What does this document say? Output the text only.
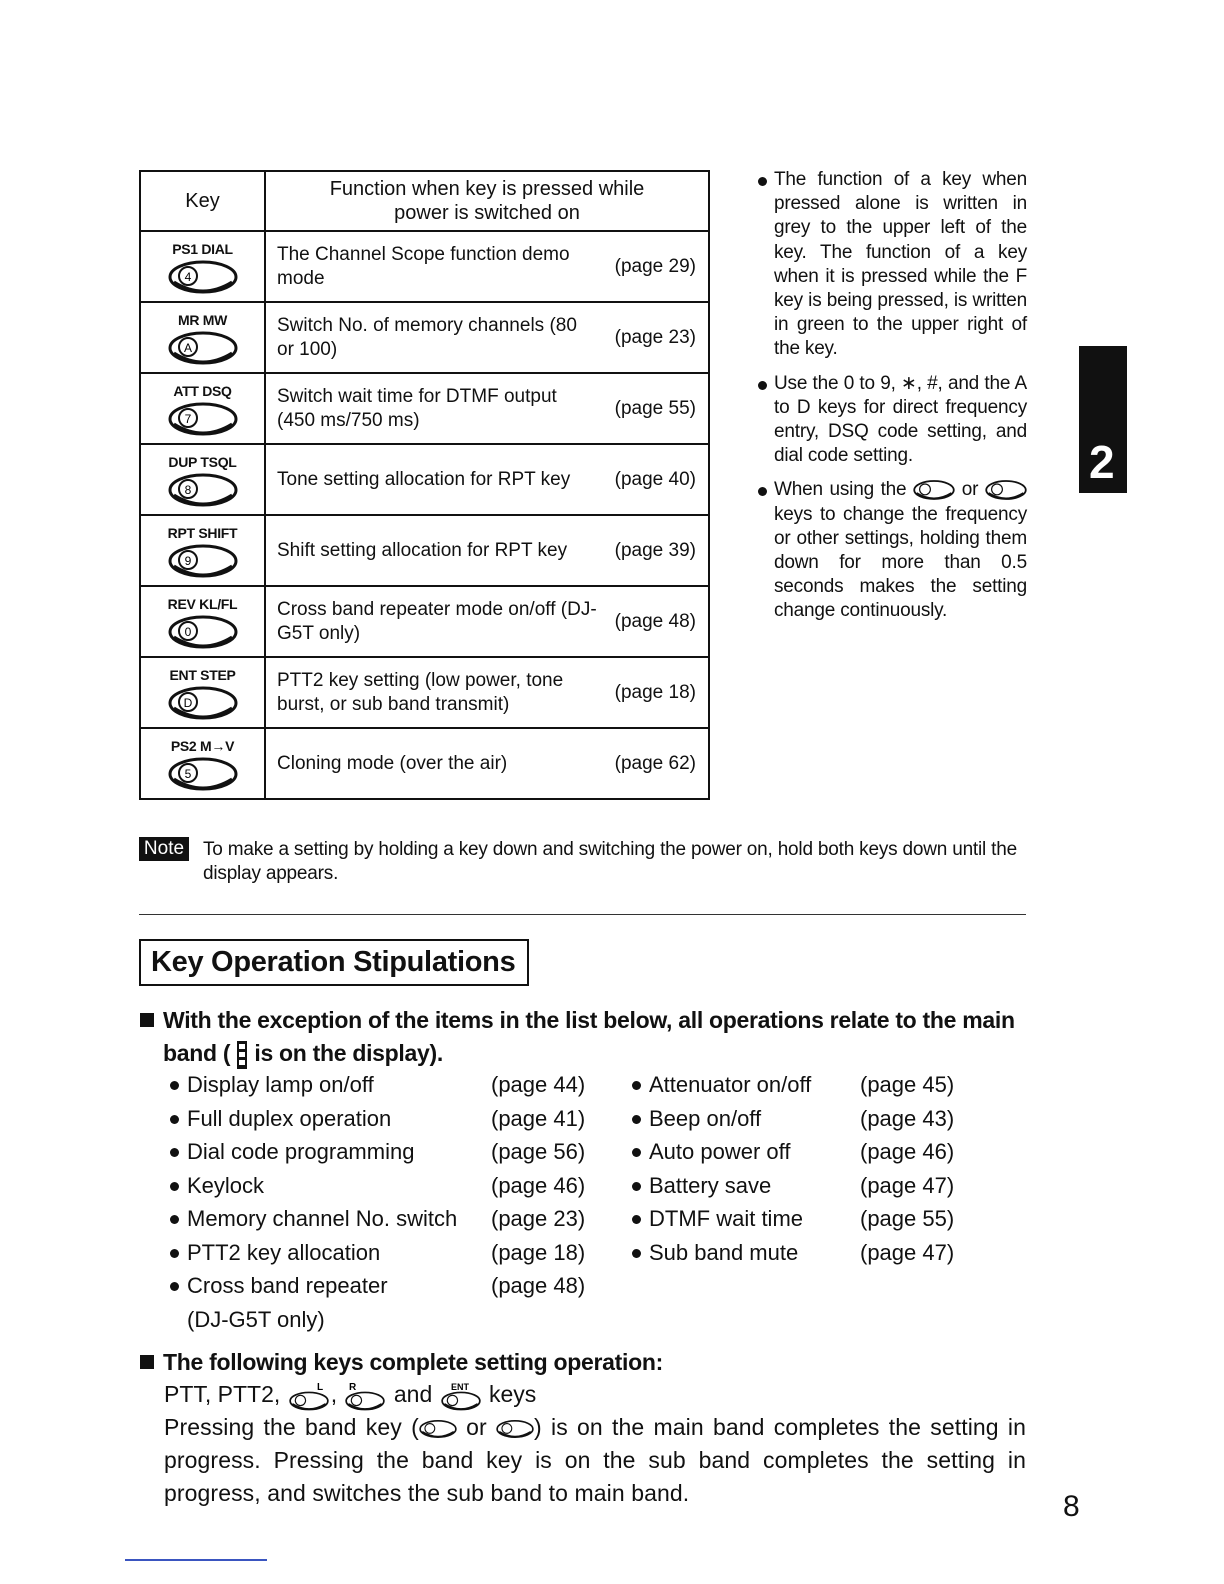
Key	Function when key is pressed while power is switched on

PS1 DIAL
4	The Channel Scope function demo mode
(page 29)

MR MW
A	Switch No. of memory channels (80 or 100)
(page 23)

ATT DSQ
7	Switch wait time for DTMF output (450 ms/750 ms)
(page 55)

DUP TSQL
8	Tone setting allocation for RPT key (page 40)

RPT SHIFT
9	Shift setting allocation for RPT key (page 39)

REV KL/FL
0	Cross band repeater mode on/off (DJ-G5T only)
(page 48)

ENT STEP
D	PTT2 key setting (low power, tone burst, or sub band transmit)
(page 18)

PS2 M→V
5	Cloning mode (over the air) (page 62)

The function of a key when pressed alone is written in grey to the upper left of the key. The function of a key when it is pressed while the F key is being pressed, is written in green to the upper right of the key.

Use the 0 to 9, ∗, #, and the A to D keys for direct frequency entry, DSQ code setting, and dial code setting.

When using the	or  keys to change the frequency or other settings, holding them down for more than 0.5 seconds makes the setting change continuously.

2
Note To make a setting by holding a key down and switching the power on, hold both keys down until the display appears.
Key Operation Stipulations
With the exception of the items in the list below, all operations relate to the main
band ( is on the display).
Display lamp on/off	(page 44)
Full duplex operation	(page 41)
Dial code programming	(page 56)
Keylock	(page 46)
Memory channel No. switch (page 23)
PTT2 key allocation	(page 18)
Cross band repeater	(page 48)
(DJ-G5T only)
Attenuator on/off (page 45)
Beep on/off	(page 43)
Auto power off	(page 46)
Battery save	(page 47)
DTMF wait time	(page 55)
Sub band mute	(page 47)
The following keys complete setting operation:
PTT, PTT2,	L , R and ENT keys
Pressing the band key ( or ) is on the main band completes the setting in progress. Pressing the band key is on the sub band completes the setting in progress, and switches the sub band to main band.	8
